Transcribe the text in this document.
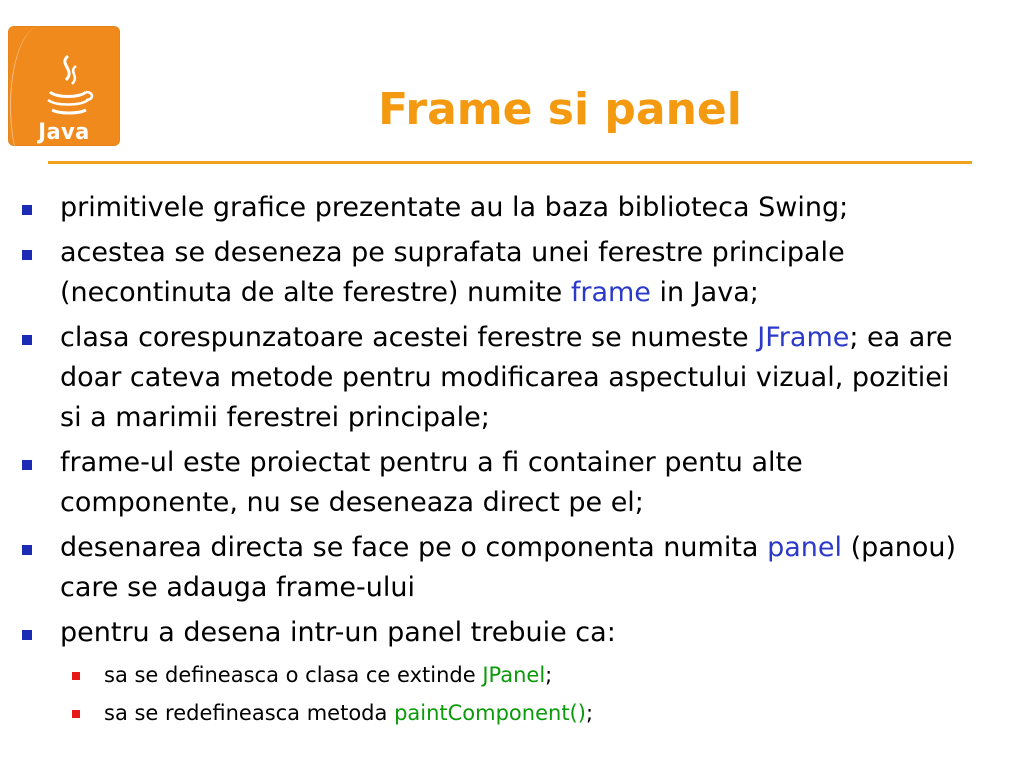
Java	Frame si panel
primitivele grafice prezentate au la baza biblioteca Swing;
acestea se deseneza pe suprafata unei ferestre principale (necontinuta de alte ferestre) numite frame in Java;
clasa corespunzatoare acestei ferestre se numeste JFrame; ea are doar cateva metode pentru modificarea aspectului vizual, pozitiei si a marimii ferestrei principale;
frame-ul este proiectat pentru a fi container pentu alte componente, nu se deseneaza direct pe el;
desenarea directa se face pe o componenta numita panel (panou) care se adauga frame-ului
pentru a desena intr-un panel trebuie ca:
sa se defineasca o clasa ce extinde JPanel;
sa se redefineasca metoda paintComponent();
